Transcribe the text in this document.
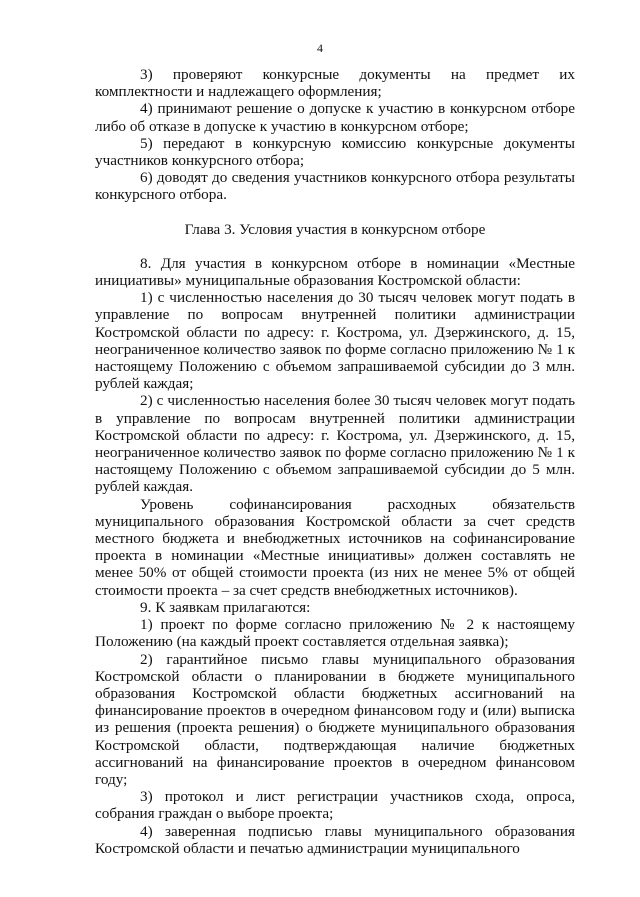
4

3) проверяют конкурсные документы на предмет их комплектности и надлежащего оформления;

4) принимают решение о допуске к участию в конкурсном отборе либо об отказе в допуске к участию в конкурсном отборе;

5) передают в конкурсную комиссию конкурсные документы участников конкурсного отбора;

6) доводят до сведения участников конкурсного отбора результаты конкурсного отбора.

Глава 3. Условия участия в конкурсном отборе

8. Для участия в конкурсном отборе в номинации «Местные инициативы» муниципальные образования Костромской области:

1) с численностью населения до 30 тысяч человек могут подать в управление по вопросам внутренней политики администрации Костромской области по адресу: г. Кострома, ул. Дзержинского, д. 15, неограниченное количество заявок по форме согласно приложению № 1 к настоящему Положению с объемом запрашиваемой субсидии до 3 млн. рублей каждая;

2) с численностью населения более 30 тысяч человек могут подать в управление по вопросам внутренней политики администрации Костромской области по адресу: г. Кострома, ул. Дзержинского, д. 15, неограниченное количество заявок по форме согласно приложению № 1 к настоящему Положению с объемом запрашиваемой субсидии до 5 млн. рублей каждая.

Уровень софинансирования расходных обязательств муниципального образования Костромской области за счет средств местного бюджета и внебюджетных источников на софинансирование проекта в номинации «Местные инициативы» должен составлять не менее 50% от общей стоимости проекта (из них не менее 5% от общей стоимости проекта – за счет средств внебюджетных источников).

9. К заявкам прилагаются:

1) проект по форме согласно приложению № 2 к настоящему Положению (на каждый проект составляется отдельная заявка);

2) гарантийное письмо главы муниципального образования Костромской области о планировании в бюджете муниципального образования Костромской области бюджетных ассигнований на финансирование проектов в очередном финансовом году и (или) выписка из решения (проекта решения) о бюджете муниципального образования Костромской области, подтверждающая наличие бюджетных ассигнований на финансирование проектов в очередном финансовом году;

3) протокол и лист регистрации участников схода, опроса, собрания граждан о выборе проекта;

4) заверенная подписью главы муниципального образования Костромской области и печатью администрации муниципального
